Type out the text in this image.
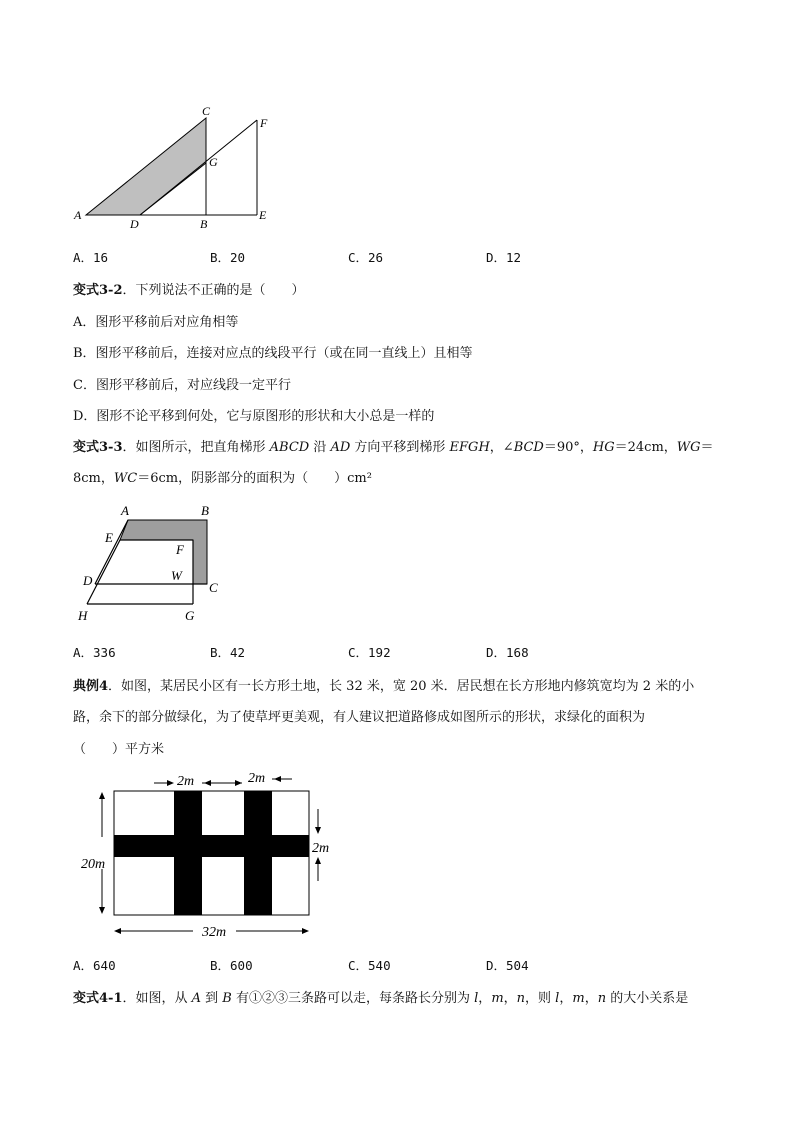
A
C
F
G
D	B
E
A．16	B．20	C．26	D．12
变式3-2．下列说法不正确的是（　　）
A．图形平移前后对应角相等
B．图形平移前后，连接对应点的线段平行（或在同一直线上）且相等
C．图形平移前后，对应线段一定平行
D．图形不论平移到何处，它与原图形的形状和大小总是一样的
变式3-3．如图所示，把直角梯形 ABCD 沿 AD 方向平移到梯形 EFGH，∠BCD＝90°，HG＝24cm，WG＝
8cm，WC＝6cm，阴影部分的面积为（　　）cm²
A	B
E
F
W
D	C
H	G
A．336	B．42	C．192	D．168
典例4．如图，某居民小区有一长方形土地，长 32 米，宽 20 米．居民想在长方形地内修筑宽均为 2 米的小
路，余下的部分做绿化，为了使草坪更美观，有人建议把道路修成如图所示的形状，求绿化的面积为
（　　）平方米
2m	2m
2m
20m
32m
A．640	B．600	C．540	D．504
变式4-1．如图，从 A 到 B 有①②③三条路可以走，每条路长分别为 l，m，n，则 l，m，n 的大小关系是
